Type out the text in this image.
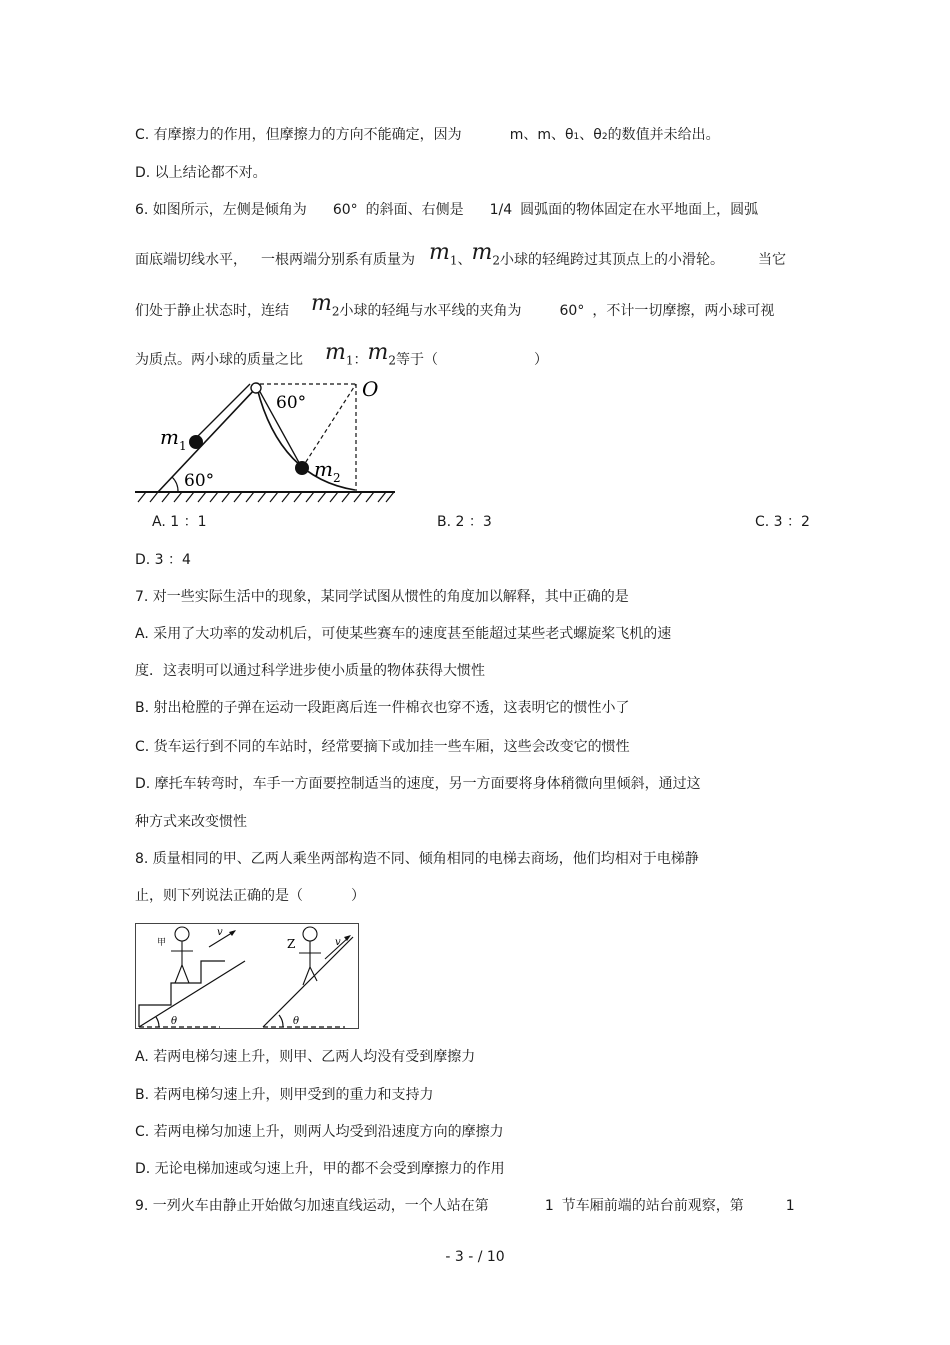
C. 有摩擦力的作用，但摩擦力的方向不能确定，因为	m、m、θ1、θ2的数值并未给出。
D. 以上结论都不对。
6. 如图所示，左侧是倾角为 60° 的斜面、右侧是 1/4 圆弧面的物体固定在水平地面上，圆弧
面底端切线水平， 一根两端分别系有质量为 $m_1$、$m_2$小球的轻绳跨过其顶点上的小滑轮。 当它
们处于静止状态时，连结 $m_2$小球的轻绳与水平线的夹角为	60° ，不计一切摩擦，两小球可视
为质点。两小球的质量之比 $m_1$：$m_2$等于（	）
60°
O
$m_1$
$m_2$
60°
A. 1 ：1	B. 2 ：3	C. 3 ：2
D. 3 ：4
7. 对一些实际生活中的现象，某同学试图从惯性的角度加以解释，其中正确的是
A. 采用了大功率的发动机后，可使某些赛车的速度甚至能超过某些老式螺旋桨飞机的速
度．这表明可以通过科学进步使小质量的物体获得大惯性
B. 射出枪膛的子弹在运动一段距离后连一件棉衣也穿不透，这表明它的惯性小了
C. 货车运行到不同的车站时，经常要摘下或加挂一些车厢，这些会改变它的惯性
D. 摩托车转弯时，车手一方面要控制适当的速度，另一方面要将身体稍微向里倾斜，通过这
种方式来改变惯性
8. 质量相同的甲、乙两人乘坐两部构造不同、倾角相同的电梯去商场，他们均相对于电梯静
止，则下列说法正确的是（	）
θ
甲
v
θ
Z	v
A. 若两电梯匀速上升，则甲、乙两人均没有受到摩擦力
B. 若两电梯匀速上升，则甲受到的重力和支持力
C. 若两电梯匀加速上升，则两人均受到沿速度方向的摩擦力
D. 无论电梯加速或匀速上升，甲的都不会受到摩擦力的作用
9. 一列火车由静止开始做匀加速直线运动，一个人站在第	1 节车厢前端的站台前观察，第	1
- 3 - / 10
